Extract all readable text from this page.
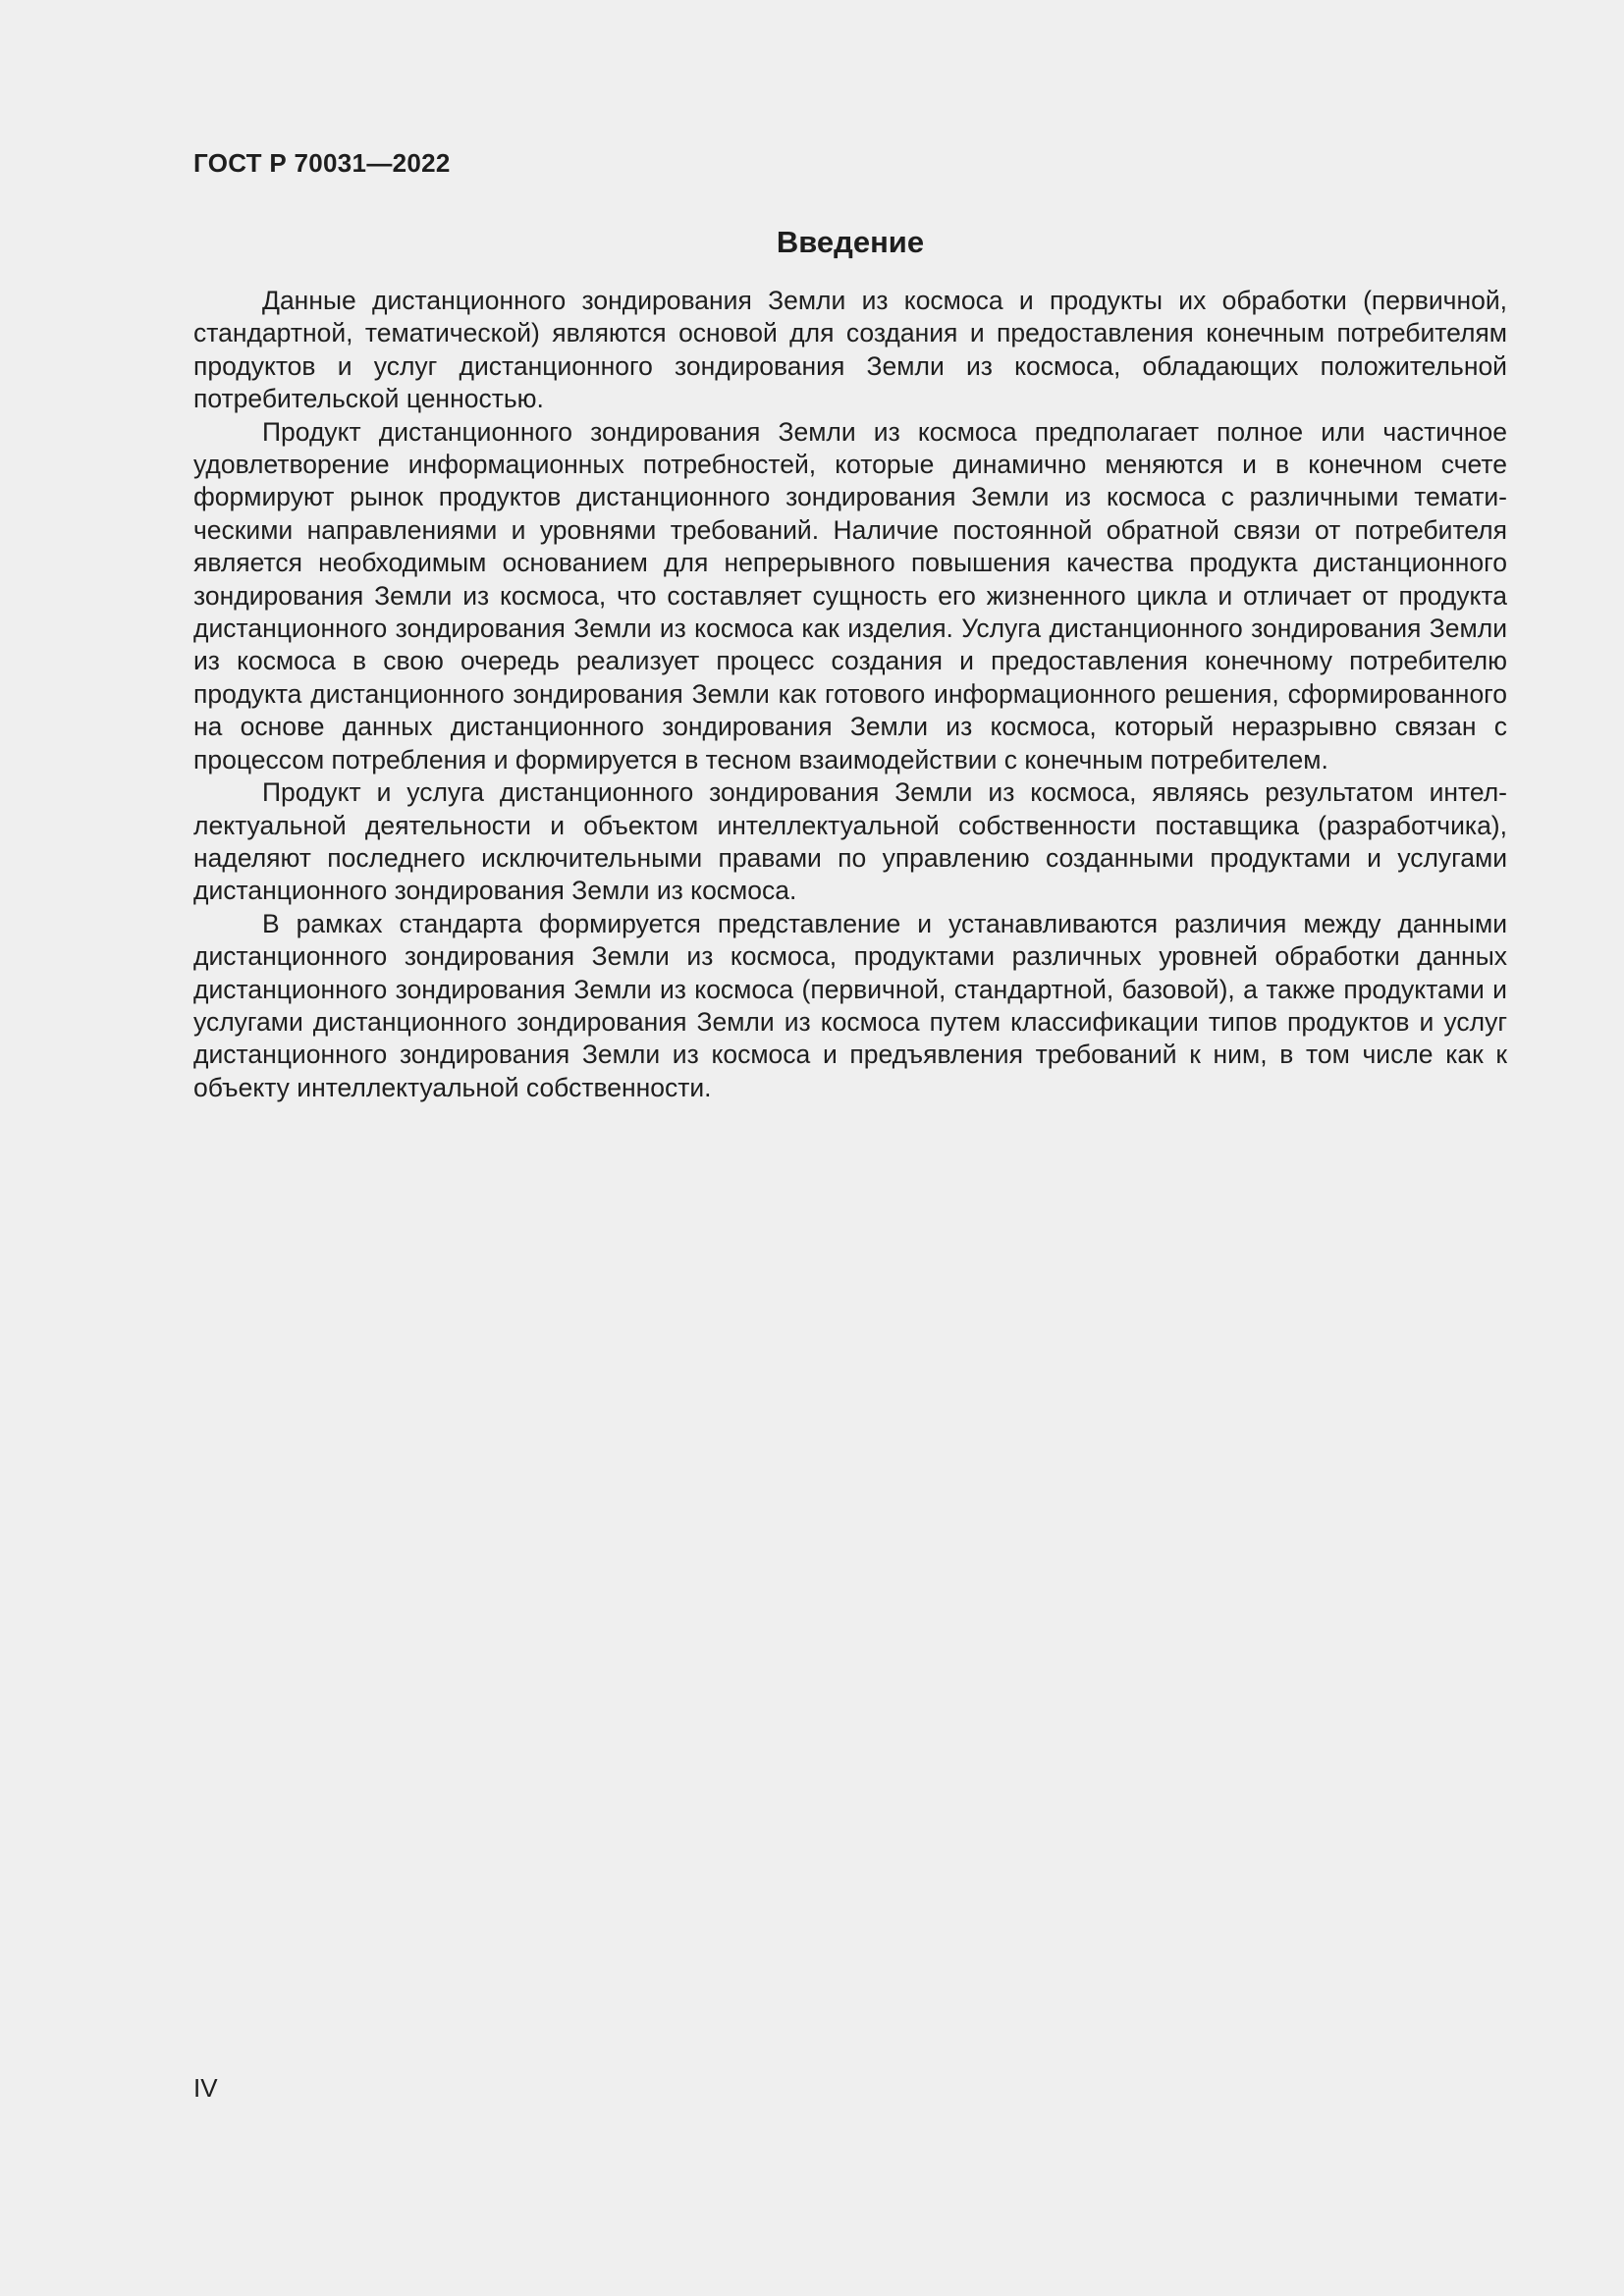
ГОСТ Р 70031—2022
Введение

Данные дистанционного зондирования Земли из космоса и продукты их обработки (первичной, стандартной, тематической) являются основой для создания и предоставления конечным потребителям продуктов и услуг дистанционного зондирования Земли из космоса, обладающих положительной потребительской ценностью.

Продукт дистанционного зондирования Земли из космоса предполагает полное или частичное удовлетворение информационных потребностей, которые динамично меняются и в конечном счете формируют рынок продуктов дистанционного зондирования Земли из космоса с различными тематическими направлениями и уровнями требований. Наличие постоянной обратной связи от потребителя является необходимым основанием для непрерывного повышения качества продукта дистанционного зондирования Земли из космоса, что составляет сущность его жизненного цикла и отличает от продукта дистанционного зондирования Земли из космоса как изделия. Услуга дистанционного зондирования Земли из космоса в свою очередь реализует процесс создания и предоставления конечному потребителю продукта дистанционного зондирования Земли как готового информационного решения, сформированного на основе данных дистанционного зондирования Земли из космоса, который неразрывно связан с процессом потребления и формируется в тесном взаимодействии с конечным потребителем.

Продукт и услуга дистанционного зондирования Земли из космоса, являясь результатом интеллектуальной деятельности и объектом интеллектуальной собственности поставщика (разработчика), наделяют последнего исключительными правами по управлению созданными продуктами и услугами дистанционного зондирования Земли из космоса.

В рамках стандарта формируется представление и устанавливаются различия между данными дистанционного зондирования Земли из космоса, продуктами различных уровней обработки данных дистанционного зондирования Земли из космоса (первичной, стандартной, базовой), а также продуктами и услугами дистанционного зондирования Земли из космоса путем классификации типов продуктов и услуг дистанционного зондирования Земли из космоса и предъявления требований к ним, в том числе как к объекту интеллектуальной собственности.

IV
